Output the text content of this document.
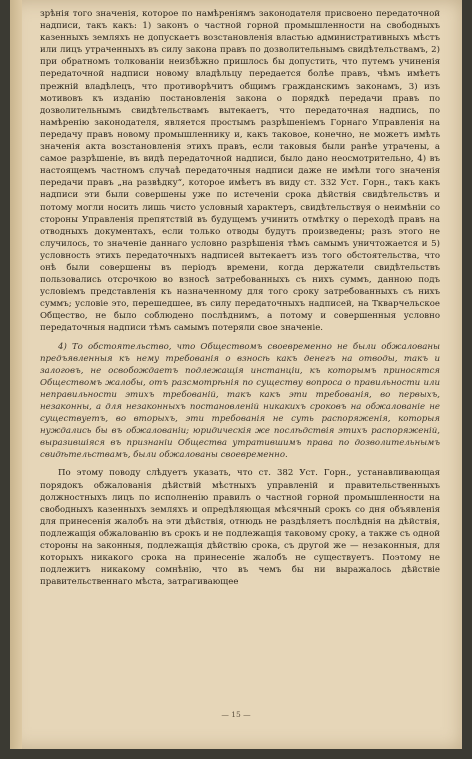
зрѣнія того значенія, которое по намѣреніямъ законодателя присвоено передаточной надписи, такъ какъ: 1) законъ о частной горной промышленности на свободныхъ казенныхъ земляхъ не допускаетъ возстановленія властью административныхъ мѣстъ или лицъ утраченныхъ въ силу закона правъ по дозволительнымъ свидѣтельствамъ, 2) при обратномъ толкованіи неизбѣжно пришлось бы допустить, что путемъ учиненія передаточной надписи новому владѣльцу передается болѣе правъ, чѣмъ имѣетъ прежній владѣлецъ, что противорѣчитъ общимъ гражданскимъ законамъ, 3) изъ мотивовъ къ изданію постановленія закона о порядкѣ передачи правъ по дозволительнымъ свидѣтельствамъ вытекаетъ, что передаточная надпись, по намѣренію законодателя, является простымъ разрѣшеніемъ Горнаго Управленія на передачу правъ новому промышленнику и, какъ таковое, конечно, не можетъ имѣть значенія акта возстановленія этихъ правъ, если таковыя были ранѣе утрачены, а самое разрѣшеніе, въ видѣ передаточной надписи, было дано неосмотрительно, 4) въ настоящемъ частномъ случаѣ передаточныя надписи даже не имѣли того значенія передачи правъ „на развѣдку“, которое имѣетъ въ виду ст. 332 Уст. Горн., такъ какъ надписи эти были совершены уже по истеченіи срока дѣйствія свидѣтельствъ и потому могли носить лишь чисто условный характеръ, свидѣтельствуя о неимѣніи со стороны Управленія препятствій въ будущемъ учинить отмѣтку о переходѣ правъ на отводныхъ документахъ, если только отводы будутъ произведены; разъ этого не случилось, то значеніе даннаго условно разрѣшенія тѣмъ самымъ уничтожается и 5) условность этихъ передаточныхъ надписей вытекаетъ изъ того обстоятельства, что онѣ были совершены въ періодъ времени, когда держатели свидѣтельствъ пользовались отсрочкою во взносѣ затребованныхъ съ нихъ суммъ, данною подъ условіемъ представленія къ назначенному для того сроку затребованныхъ съ нихъ суммъ; условіе это, перешедшее, въ силу передаточныхъ надписей, на Ткварчельское Общество, не было соблюдено послѣднимъ, а потому и совершенныя условно передаточныя надписи тѣмъ самымъ потеряли свое значеніе.

4) То обстоятельство, что Обществомъ своевременно не были обжалованы предъявленныя къ нему требованія о взносѣ какъ денегъ на отводы, такъ и залоговъ, не освобождаетъ подлежащія инстанціи, къ которымъ приносятся Обществомъ жалобы, отъ разсмотрѣнія по существу вопроса о правильности или неправильности этихъ требованій, такъ какъ эти требованія, во первыхъ, незаконны, а для незаконныхъ постановленій никакихъ сроковъ на обжалованіе не существуетъ, во вторыхъ, эти требованія не суть распоряженія, которыя нуждались бы въ обжалованіи; юридическія же послѣдствія этихъ распоряженій, выразившіяся въ признаніи Общества утратившимъ права по дозволительнымъ свидѣтельствамъ, были обжалованы своевременно.

По этому поводу слѣдуетъ указать, что ст. 382 Уст. Горн., устанавливающая порядокъ обжалованія дѣйствій мѣстныхъ управленій и правительственныхъ должностныхъ лицъ по исполненію правилъ о частной горной промышленности на свободныхъ казенныхъ земляхъ и опредѣляющая мѣсячный срокъ со дня объявленія для принесенія жалобъ на эти дѣйствія, отнюдь не раздѣляетъ послѣднія на дѣйствія, подлежащія обжалованію въ срокъ и не подлежащія таковому сроку, а также съ одной стороны на законныя, подлежащія дѣйствію срока, съ другой же — незаконныя, для которыхъ никакого срока на принесеніе жалобъ не существуетъ. Поэтому не подлежитъ никакому сомнѣнію, что въ чемъ бы ни выражалось дѣйствіе правительственнаго мѣста, затрагивающее

— 15 —
